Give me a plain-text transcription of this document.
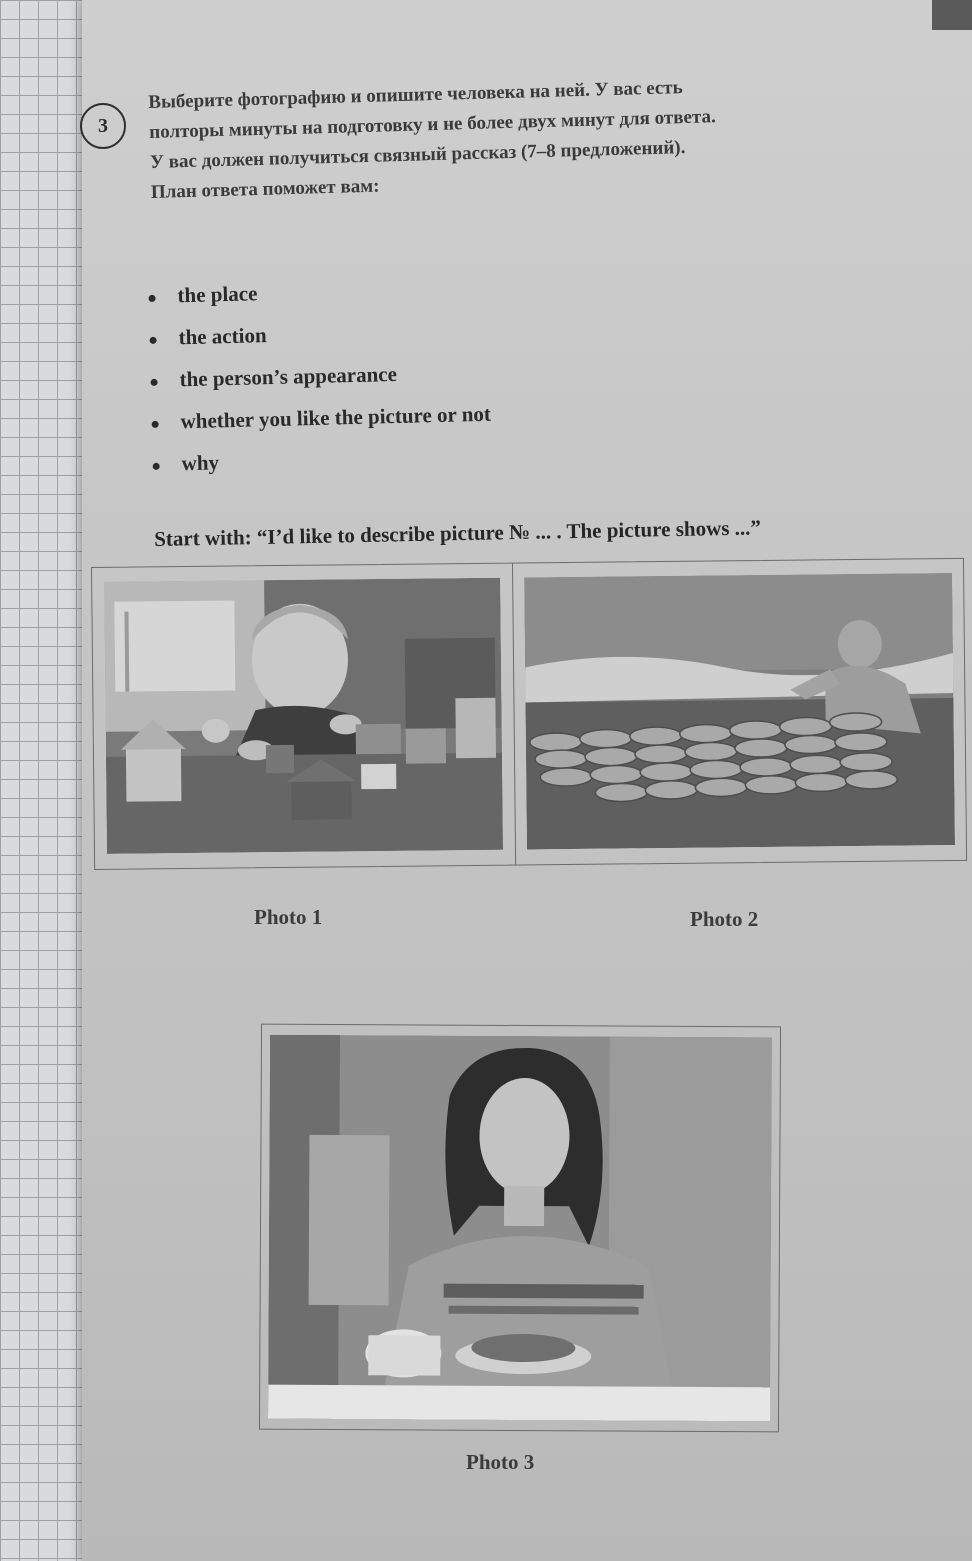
3
Выберите фотографию и опишите человека на ней. У вас есть
полторы минуты на подготовку и не более двух минут для ответа.
У вас должен получиться связный рассказ (7–8 предложений).
План ответа поможет вам:
the place
the action
the person’s appearance
whether you like the picture or not
why
Start with: “I’d like to describe picture № ... . The picture shows ...”
Photo 1	Photo 2
Photo 3
